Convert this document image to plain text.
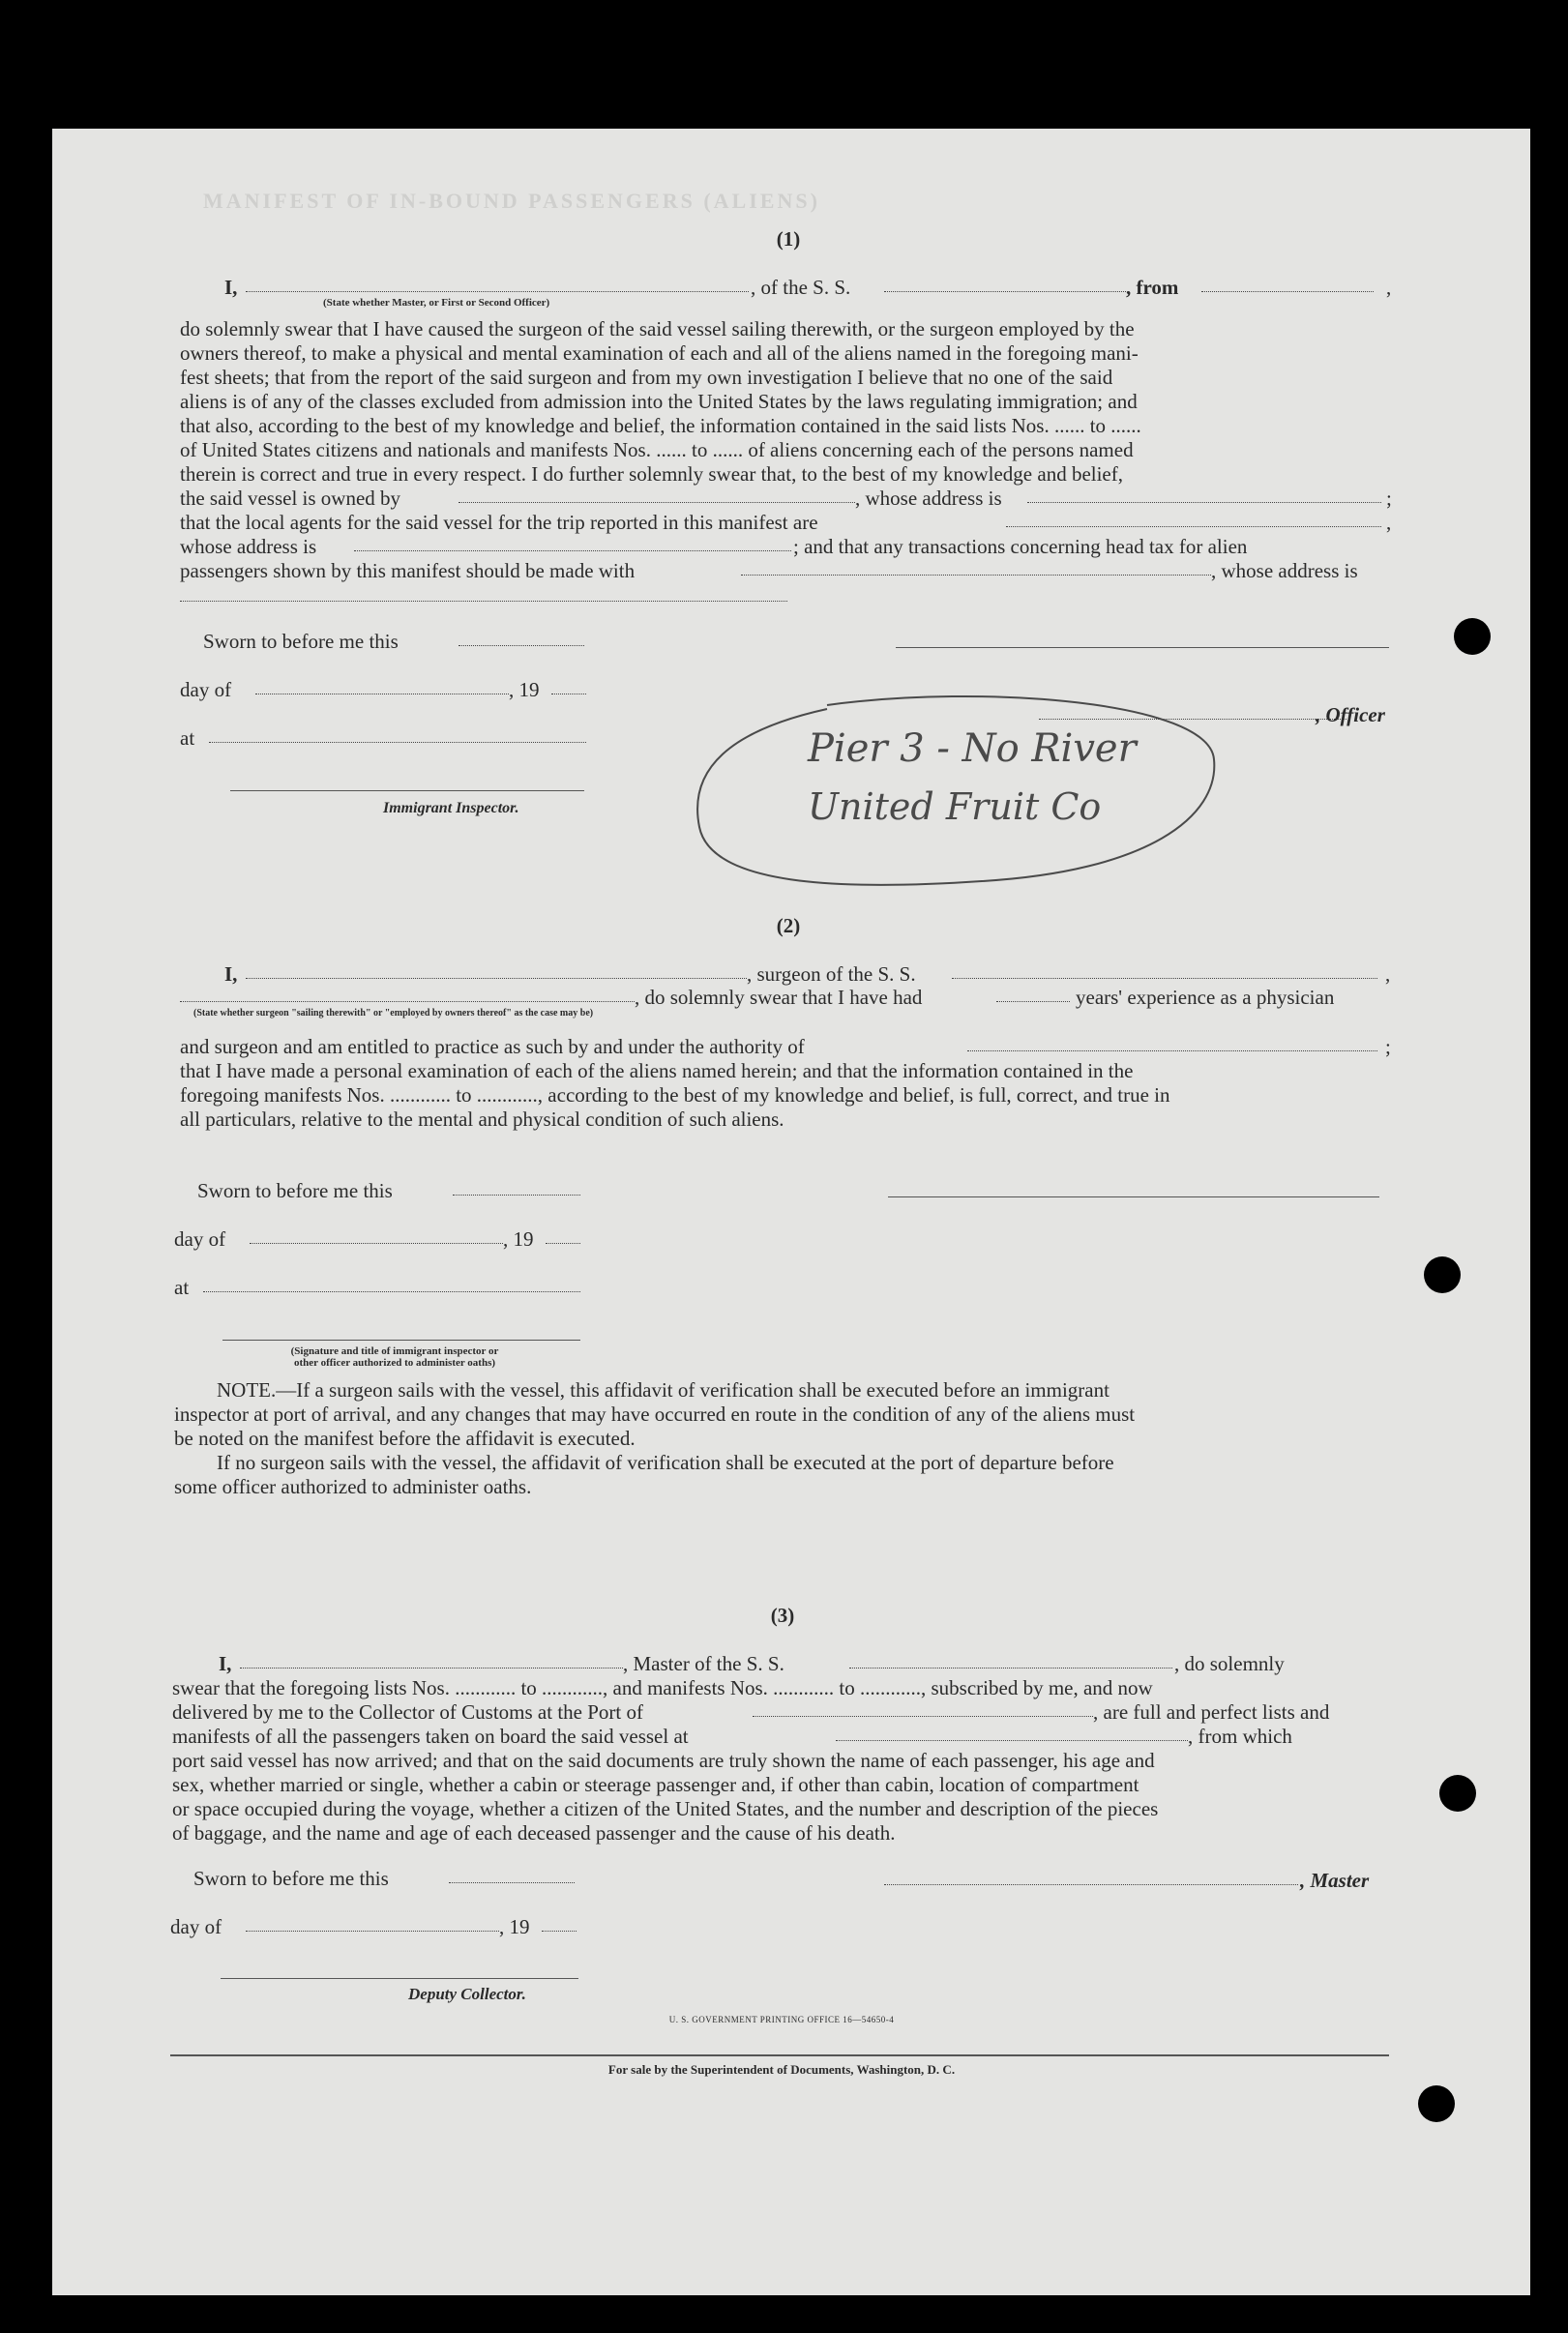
MANIFEST OF IN-BOUND PASSENGERS (ALIENS)
(1)
I,
(State whether Master, or First or Second Officer)
, of the S. S.	, from	,
do solemnly swear that I have caused the surgeon of the said vessel sailing therewith, or the surgeon employed by the
owners thereof, to make a physical and mental examination of each and all of the aliens named in the foregoing mani-
fest sheets; that from the report of the said surgeon and from my own investigation I believe that no one of the said
aliens is of any of the classes excluded from admission into the United States by the laws regulating immigration; and
that also, according to the best of my knowledge and belief, the information contained in the said lists Nos. ...... to ......
of United States citizens and nationals and manifests Nos. ...... to ...... of aliens concerning each of the persons named
therein is correct and true in every respect. I do further solemnly swear that, to the best of my knowledge and belief,
the said vessel is owned by	, whose address is	;
that the local agents for the said vessel for the trip reported in this manifest are	,
whose address is	; and that any transactions concerning head tax for alien
passengers shown by this manifest should be made with	, whose address is
Sworn to before me this
day of	, 19
, Officer
at
Immigrant Inspector.
(2)
I,	, surgeon of the S. S.	,
, do solemnly swear that I have had	years' experience as a physician
(State whether surgeon "sailing therewith" or "employed by owners thereof" as the case may be)
and surgeon and am entitled to practice as such by and under the authority of	;
that I have made a personal examination of each of the aliens named herein; and that the information contained in the
foregoing manifests Nos. ............ to ............, according to the best of my knowledge and belief, is full, correct, and true in
all particulars, relative to the mental and physical condition of such aliens.
Sworn to before me this
day of	, 19
at
(Signature and title of immigrant inspector or
other officer authorized to administer oaths)
NOTE.—If a surgeon sails with the vessel, this affidavit of verification shall be executed before an immigrant
inspector at port of arrival, and any changes that may have occurred en route in the condition of any of the aliens must
be noted on the manifest before the affidavit is executed.
If no surgeon sails with the vessel, the affidavit of verification shall be executed at the port of departure before
some officer authorized to administer oaths.
(3)
I,	, Master of the S. S.	, do solemnly
swear that the foregoing lists Nos. ............ to ............, and manifests Nos. ............ to ............, subscribed by me, and now
delivered by me to the Collector of Customs at the Port of	, are full and perfect lists and
manifests of all the passengers taken on board the said vessel at	, from which
port said vessel has now arrived; and that on the said documents are truly shown the name of each passenger, his age and
sex, whether married or single, whether a cabin or steerage passenger and, if other than cabin, location of compartment
or space occupied during the voyage, whether a citizen of the United States, and the number and description of the pieces
of baggage, and the name and age of each deceased passenger and the cause of his death.
Sworn to before me this	, Master
day of	, 19
Deputy Collector.
U. S. GOVERNMENT PRINTING OFFICE 16—54650-4
For sale by the Superintendent of Documents, Washington, D. C.
Pier 3 - No River
United Fruit Co
